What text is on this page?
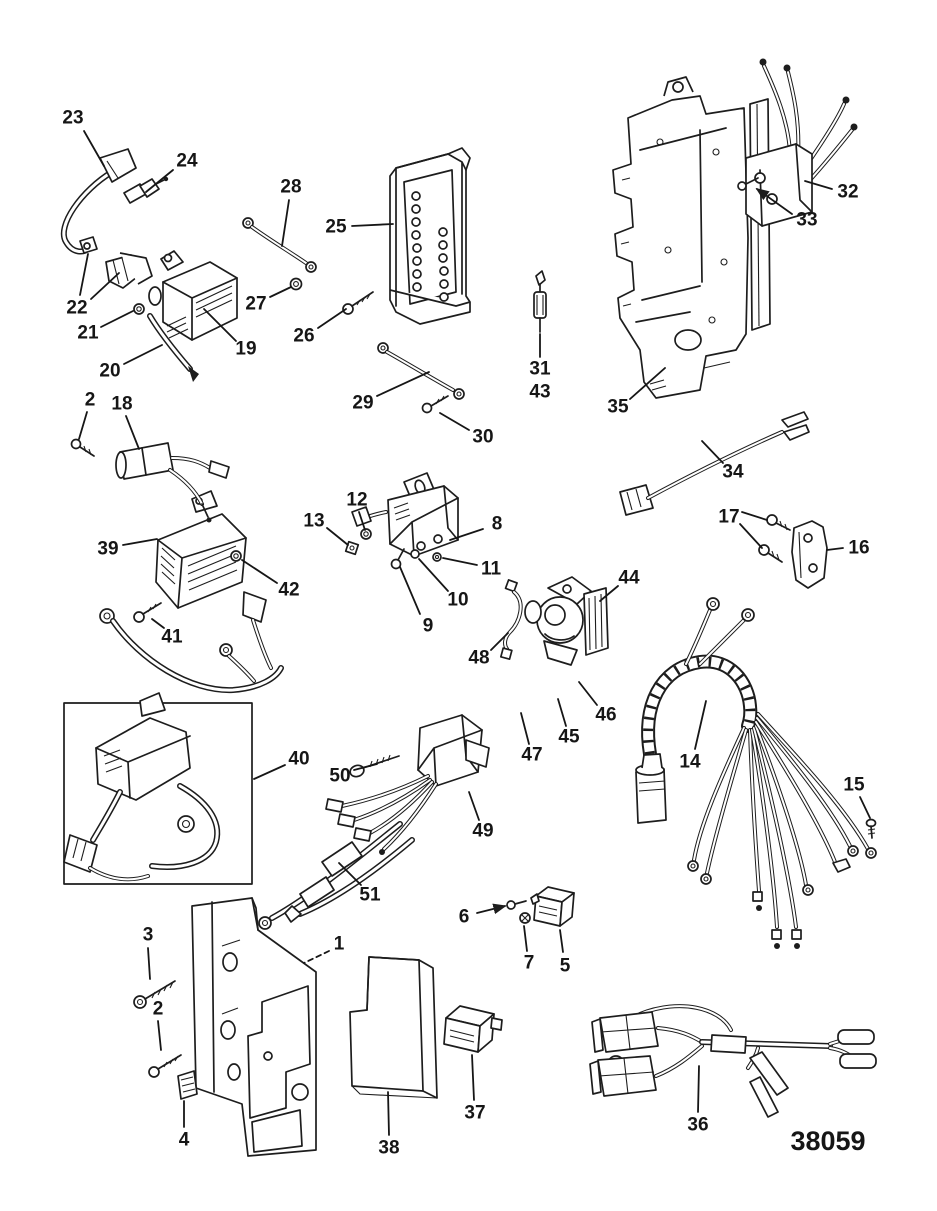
23
24
28
27
26
22
21
20
19
25
29
30
31
43
35
34
32
33
17
16
44
48
12
13	8
11
10
9
39
42
41
2 18
40
50
49
51
47
45
46
14
15
3	1
2
4
37
38
6
7 5
36
38059
